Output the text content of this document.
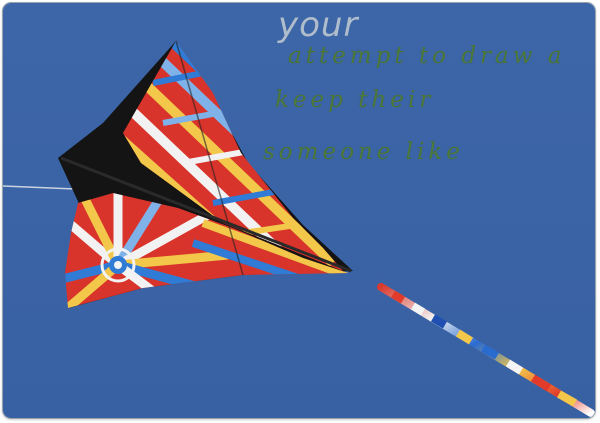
your
attempt to draw a
keep their
someone like
